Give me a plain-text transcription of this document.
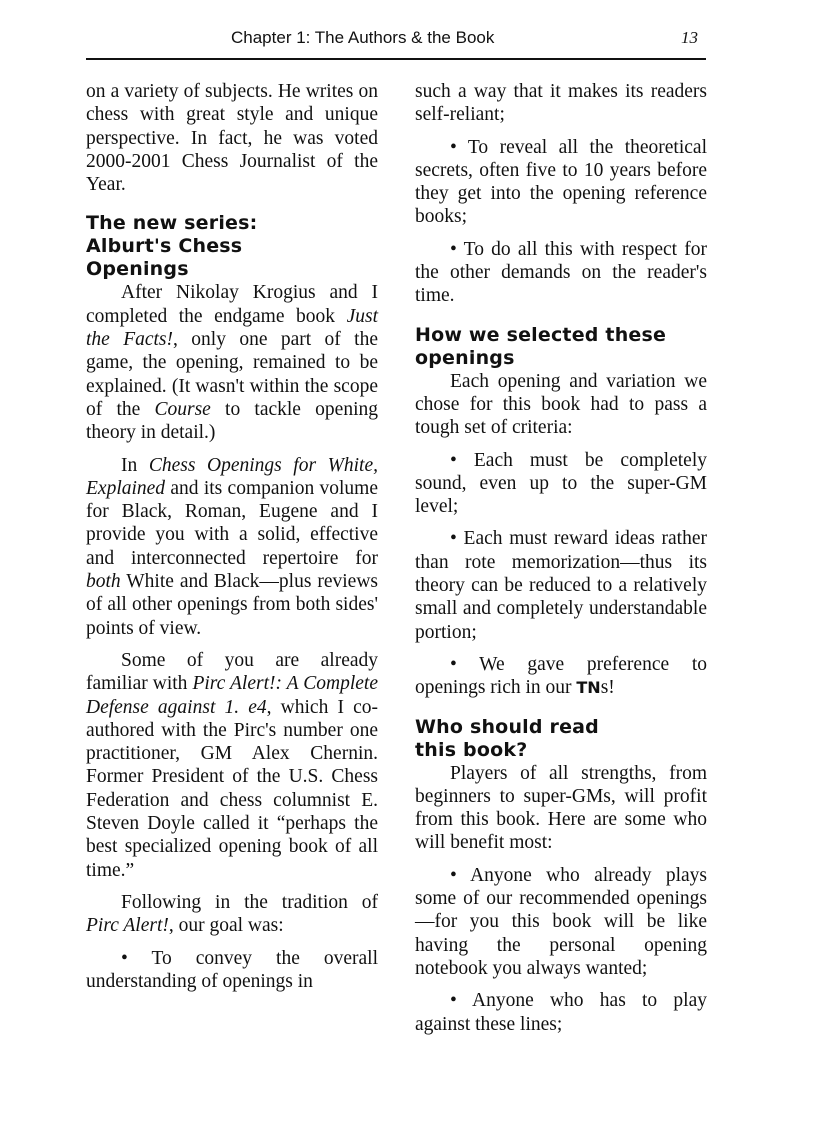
Chapter 1: The Authors & the Book	13

on a variety of subjects. He writes on chess with great style and unique perspective. In fact, he was voted 2000-2001 Chess Journalist of the Year.

The new series:
Alburt's Chess
Openings

After Nikolay Krogius and I completed the endgame book Just the Facts!, only one part of the game, the opening, remained to be explained. (It wasn't within the scope of the Course to tackle opening theory in detail.)

In Chess Openings for White, Explained and its companion volume for Black, Roman, Eugene and I provide you with a solid, effective and interconnected repertoire for both White and Black—plus reviews of all other openings from both sides' points of view.

Some of you are already familiar with Pirc Alert!: A Complete Defense against 1. e4, which I co-authored with the Pirc's number one practitioner, GM Alex Chernin. Former President of the U.S. Chess Federation and chess columnist E. Steven Doyle called it “perhaps the best specialized opening book of all time.”

Following in the tradition of Pirc Alert!, our goal was:

• To convey the overall understanding of openings in

such a way that it makes its readers self-reliant;

• To reveal all the theoretical secrets, often five to 10 years before they get into the opening reference books;

• To do all this with respect for the other demands on the reader's time.

How we selected these
openings

Each opening and variation we chose for this book had to pass a tough set of criteria:

• Each must be completely sound, even up to the super-GM level;

• Each must reward ideas rather than rote memorization—thus its theory can be reduced to a relatively small and completely understandable portion;

• We gave preference to openings rich in our TNs!

Who should read
this book?

Players of all strengths, from beginners to super-GMs, will profit from this book. Here are some who will benefit most:

• Anyone who already plays some of our recommended openings—for you this book will be like having the personal opening notebook you always wanted;

• Anyone who has to play against these lines;
